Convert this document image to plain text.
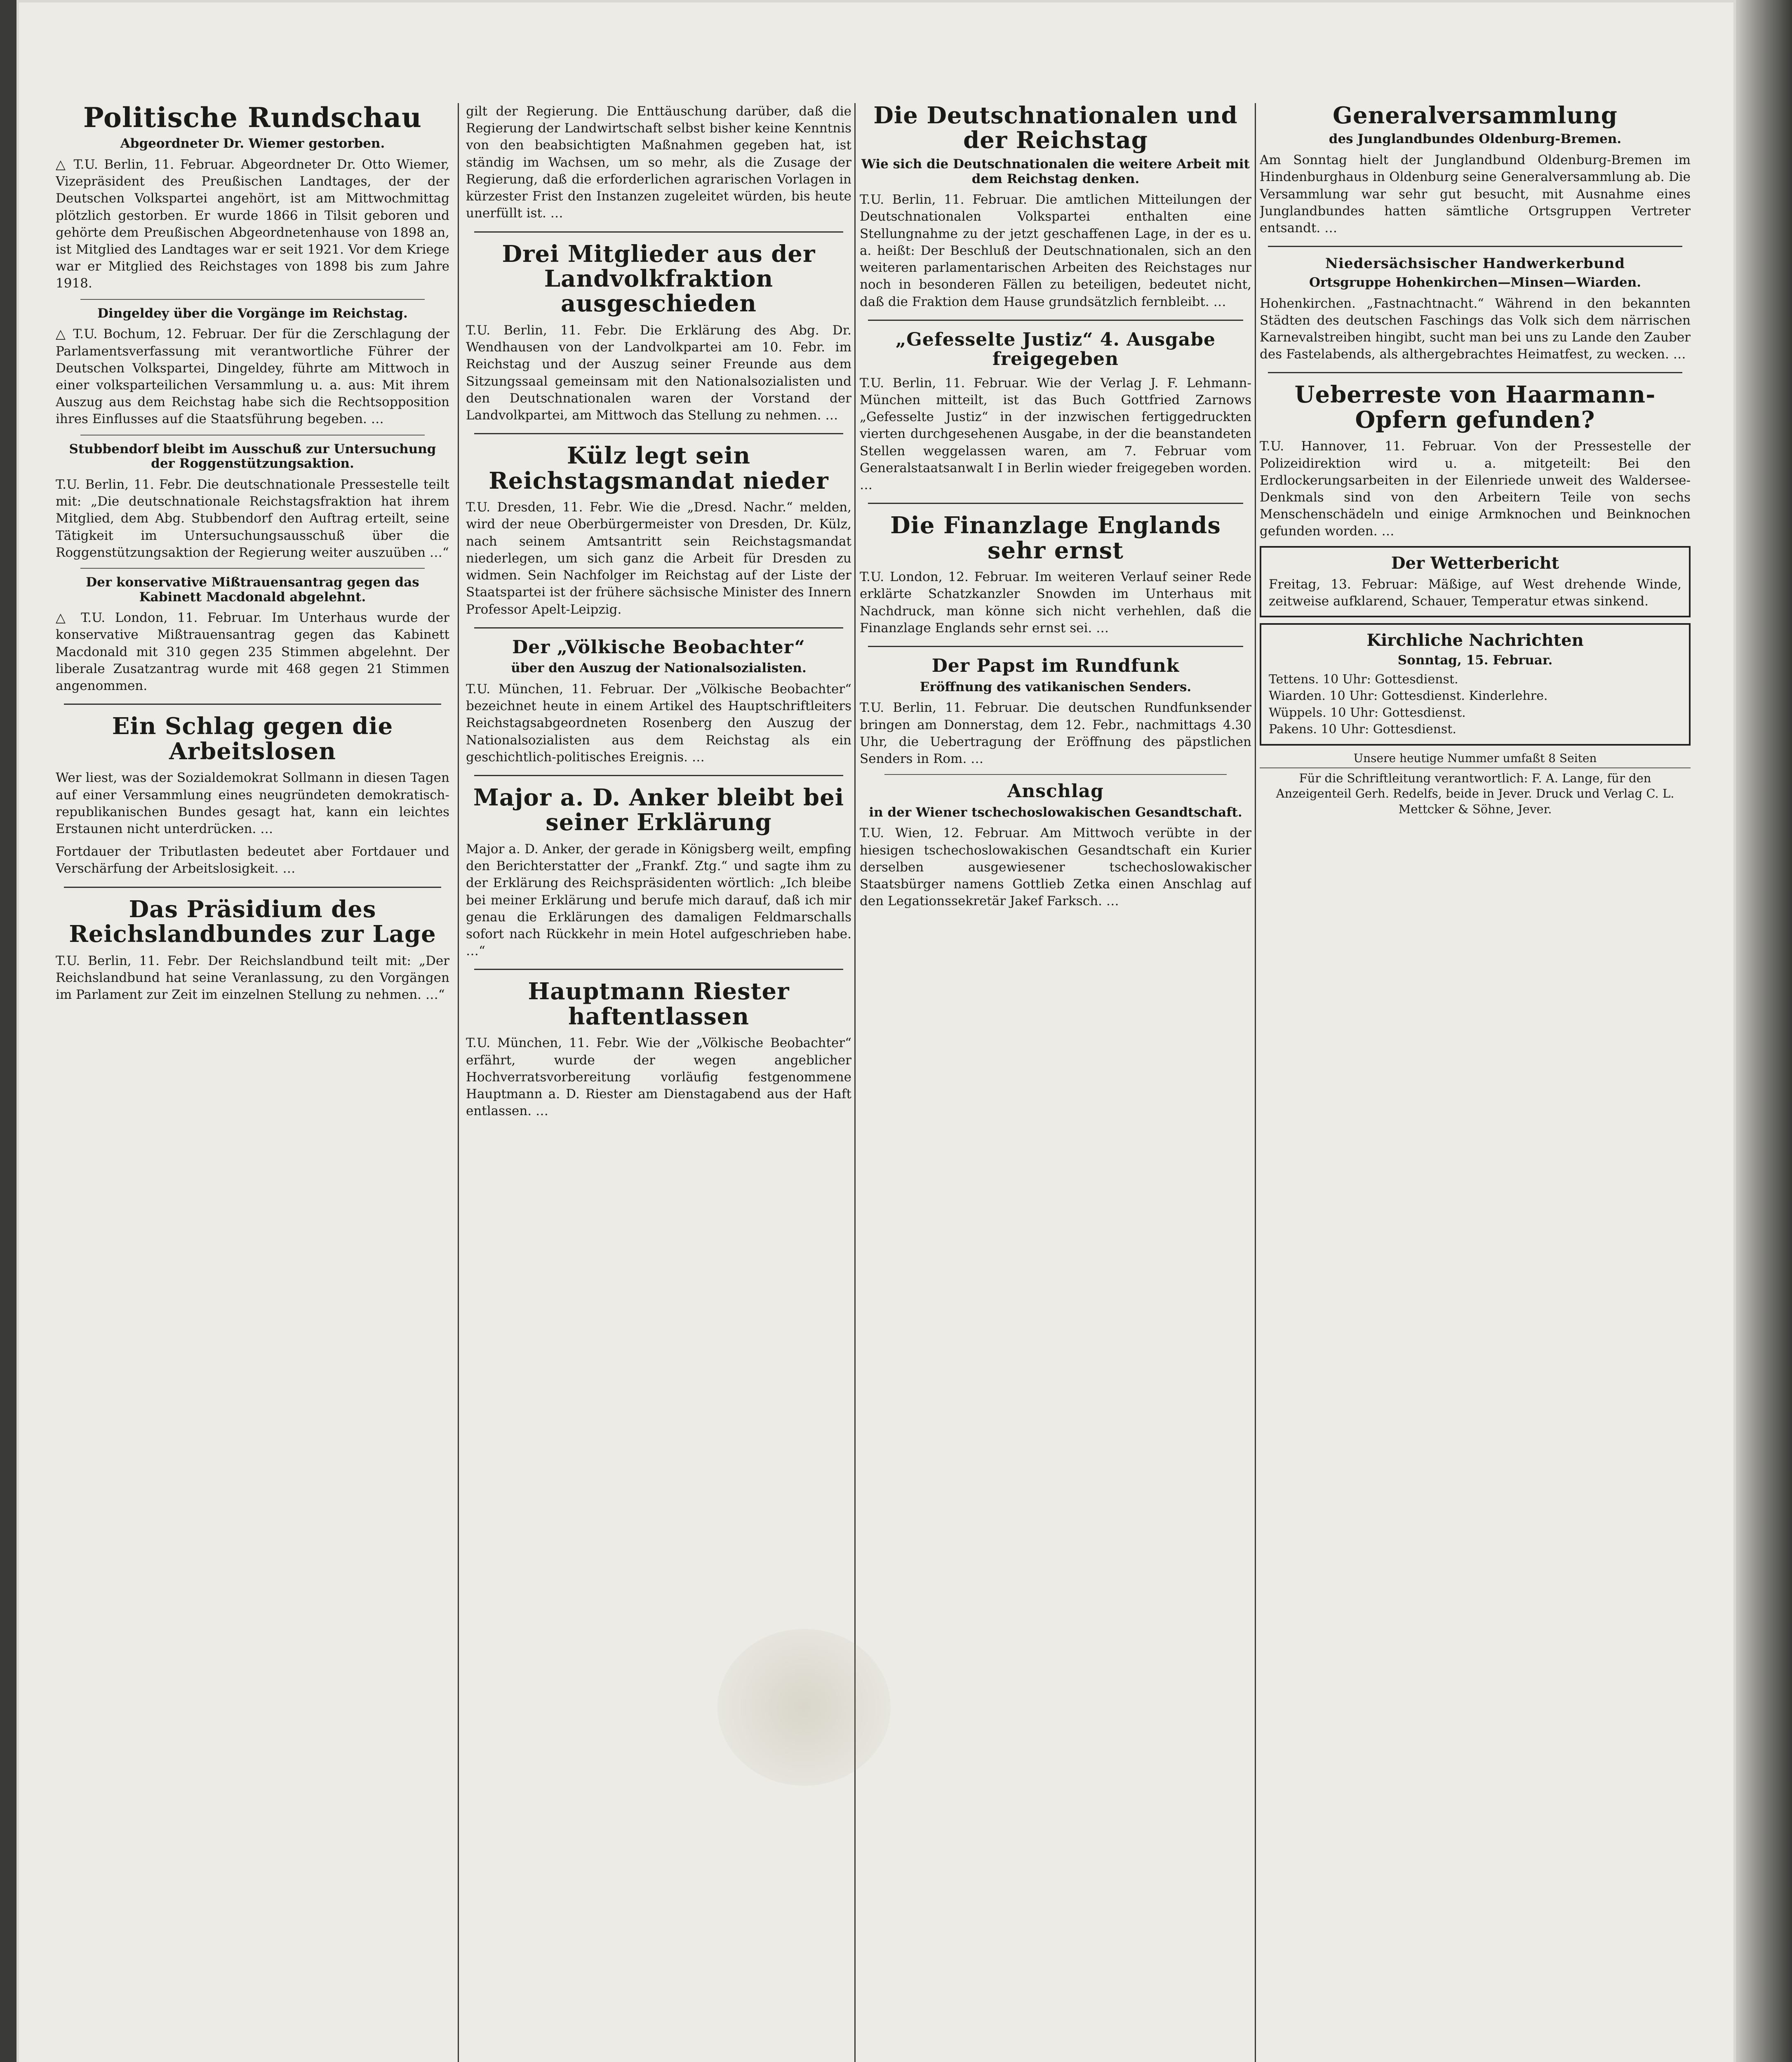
Politische Rundschau

Abgeordneter Dr. Wiemer gestorben.

△ T.U. Berlin, 11. Februar. Abgeordneter Dr. Otto Wiemer, Vizepräsident des Preußischen Landtages, der der Deutschen Volkspartei angehört, ist am Mittwochmittag plötzlich gestorben. Er wurde 1866 in Tilsit geboren und gehörte dem Preußischen Abgeordnetenhause von 1898 an, ist Mitglied des Landtages war er seit 1921. Vor dem Kriege war er Mitglied des Reichstages von 1898 bis zum Jahre 1918.

Dingeldey über die Vorgänge im Reichstag.

△ T.U. Bochum, 12. Februar. Der für die Zerschlagung der Parlamentsverfassung mit verantwortliche Führer der Deutschen Volkspartei, Dingeldey, führte am Mittwoch in einer volksparteilichen Versammlung u. a. aus: Mit ihrem Auszug aus dem Reichstag habe sich die Rechtsopposition ihres Einflusses auf die Staatsführung begeben. …

Stubbendorf bleibt im Ausschuß zur Untersuchung der Roggenstützungsaktion.

T.U. Berlin, 11. Febr. Die deutschnationale Pressestelle teilt mit: „Die deutschnationale Reichstagsfraktion hat ihrem Mitglied, dem Abg. Stubbendorf den Auftrag erteilt, seine Tätigkeit im Untersuchungsausschuß über die Roggenstützungsaktion der Regierung weiter auszuüben …“

Der konservative Mißtrauensantrag gegen das Kabinett Macdonald abgelehnt.

△ T.U. London, 11. Februar. Im Unterhaus wurde der konservative Mißtrauensantrag gegen das Kabinett Macdonald mit 310 gegen 235 Stimmen abgelehnt. Der liberale Zusatzantrag wurde mit 468 gegen 21 Stimmen angenommen.

Ein Schlag gegen die Arbeitslosen

Wer liest, was der Sozialdemokrat Sollmann in diesen Tagen auf einer Versammlung eines neugründeten demokratisch-republikanischen Bundes gesagt hat, kann ein leichtes Erstaunen nicht unterdrücken. …

Fortdauer der Tributlasten bedeutet aber Fortdauer und Verschärfung der Arbeitslosigkeit. …

Das Präsidium des Reichslandbundes zur Lage

T.U. Berlin, 11. Febr. Der Reichslandbund teilt mit: „Der Reichslandbund hat seine Veranlassung, zu den Vorgängen im Parlament zur Zeit im einzelnen Stellung zu nehmen. …“

gilt der Regierung. Die Enttäuschung darüber, daß die Regierung der Landwirtschaft selbst bisher keine Kenntnis von den beabsichtigten Maßnahmen gegeben hat, ist ständig im Wachsen, um so mehr, als die Zusage der Regierung, daß die erforderlichen agrarischen Vorlagen in kürzester Frist den Instanzen zugeleitet würden, bis heute unerfüllt ist. …

Drei Mitglieder aus der Landvolkfraktion ausgeschieden

T.U. Berlin, 11. Febr. Die Erklärung des Abg. Dr. Wendhausen von der Landvolkpartei am 10. Febr. im Reichstag und der Auszug seiner Freunde aus dem Sitzungssaal gemeinsam mit den Nationalsozialisten und den Deutschnationalen waren der Vorstand der Landvolkpartei, am Mittwoch das Stellung zu nehmen. …

Külz legt sein Reichstagsmandat nieder

T.U. Dresden, 11. Febr. Wie die „Dresd. Nachr.“ melden, wird der neue Oberbürgermeister von Dresden, Dr. Külz, nach seinem Amtsantritt sein Reichstagsmandat niederlegen, um sich ganz die Arbeit für Dresden zu widmen. Sein Nachfolger im Reichstag auf der Liste der Staatspartei ist der frühere sächsische Minister des Innern Professor Apelt-Leipzig.

Der „Völkische Beobachter“

über den Auszug der Nationalsozialisten.

T.U. München, 11. Februar. Der „Völkische Beobachter“ bezeichnet heute in einem Artikel des Hauptschriftleiters Reichstagsabgeordneten Rosenberg den Auszug der Nationalsozialisten aus dem Reichstag als ein geschichtlich-politisches Ereignis. …

Major a. D. Anker bleibt bei seiner Erklärung

Major a. D. Anker, der gerade in Königsberg weilt, empfing den Berichterstatter der „Frankf. Ztg.“ und sagte ihm zu der Erklärung des Reichspräsidenten wörtlich: „Ich bleibe bei meiner Erklärung und berufe mich darauf, daß ich mir genau die Erklärungen des damaligen Feldmarschalls sofort nach Rückkehr in mein Hotel aufgeschrieben habe. …“

Hauptmann Riester haftentlassen

T.U. München, 11. Febr. Wie der „Völkische Beobachter“ erfährt, wurde der wegen angeblicher Hochverratsvorbereitung vorläufig festgenommene Hauptmann a. D. Riester am Dienstagabend aus der Haft entlassen. …

Die Deutschnationalen und der Reichstag

Wie sich die Deutschnationalen die weitere Arbeit mit dem Reichstag denken.

T.U. Berlin, 11. Februar. Die amtlichen Mitteilungen der Deutschnationalen Volkspartei enthalten eine Stellungnahme zu der jetzt geschaffenen Lage, in der es u. a. heißt: Der Beschluß der Deutschnationalen, sich an den weiteren parlamentarischen Arbeiten des Reichstages nur noch in besonderen Fällen zu beteiligen, bedeutet nicht, daß die Fraktion dem Hause grundsätzlich fernbleibt. …

„Gefesselte Justiz“ 4. Ausgabe freigegeben

T.U. Berlin, 11. Februar. Wie der Verlag J. F. Lehmann-München mitteilt, ist das Buch Gottfried Zarnows „Gefesselte Justiz“ in der inzwischen fertiggedruckten vierten durchgesehenen Ausgabe, in der die beanstandeten Stellen weggelassen waren, am 7. Februar vom Generalstaatsanwalt I in Berlin wieder freigegeben worden. …

Die Finanzlage Englands sehr ernst

T.U. London, 12. Februar. Im weiteren Verlauf seiner Rede erklärte Schatzkanzler Snowden im Unterhaus mit Nachdruck, man könne sich nicht verhehlen, daß die Finanzlage Englands sehr ernst sei. …

Der Papst im Rundfunk

Eröffnung des vatikanischen Senders.

T.U. Berlin, 11. Februar. Die deutschen Rundfunksender bringen am Donnerstag, dem 12. Febr., nachmittags 4.30 Uhr, die Uebertragung der Eröffnung des päpstlichen Senders in Rom. …

Anschlag

in der Wiener tschechoslowakischen Gesandtschaft.

T.U. Wien, 12. Februar. Am Mittwoch verübte in der hiesigen tschechoslowakischen Gesandtschaft ein Kurier derselben ausgewiesener tschechoslowakischer Staatsbürger namens Gottlieb Zetka einen Anschlag auf den Legationssekretär Jakef Farksch. …

Generalversammlung

des Junglandbundes Oldenburg-Bremen.

Am Sonntag hielt der Junglandbund Oldenburg-Bremen im Hindenburghaus in Oldenburg seine Generalversammlung ab. Die Versammlung war sehr gut besucht, mit Ausnahme eines Junglandbundes hatten sämtliche Ortsgruppen Vertreter entsandt. …

Niedersächsischer Handwerkerbund

Ortsgruppe Hohenkirchen—Minsen—Wiarden.

Hohenkirchen. „Fastnachtnacht.“ Während in den bekannten Städten des deutschen Faschings das Volk sich dem närrischen Karnevalstreiben hingibt, sucht man bei uns zu Lande den Zauber des Fastelabends, als althergebrachtes Heimatfest, zu wecken. …

Ueberreste von Haarmann-Opfern gefunden?

T.U. Hannover, 11. Februar. Von der Pressestelle der Polizeidirektion wird u. a. mitgeteilt: Bei den Erdlockerungsarbeiten in der Eilenriede unweit des Waldersee-Denkmals sind von den Arbeitern Teile von sechs Menschenschädeln und einige Armknochen und Beinknochen gefunden worden. …

Der Wetterbericht

Freitag, 13. Februar: Mäßige, auf West drehende Winde, zeitweise aufklarend, Schauer, Temperatur etwas sinkend.

Kirchliche Nachrichten

Sonntag, 15. Februar.

Tettens. 10 Uhr: Gottesdienst.

Wiarden. 10 Uhr: Gottesdienst. Kinderlehre.

Wüppels. 10 Uhr: Gottesdienst.

Pakens. 10 Uhr: Gottesdienst.

Unsere heutige Nummer umfaßt 8 Seiten

Für die Schriftleitung verantwortlich: F. A. Lange, für den Anzeigenteil Gerh. Redelfs, beide in Jever. Druck und Verlag C. L. Mettcker & Söhne, Jever.
